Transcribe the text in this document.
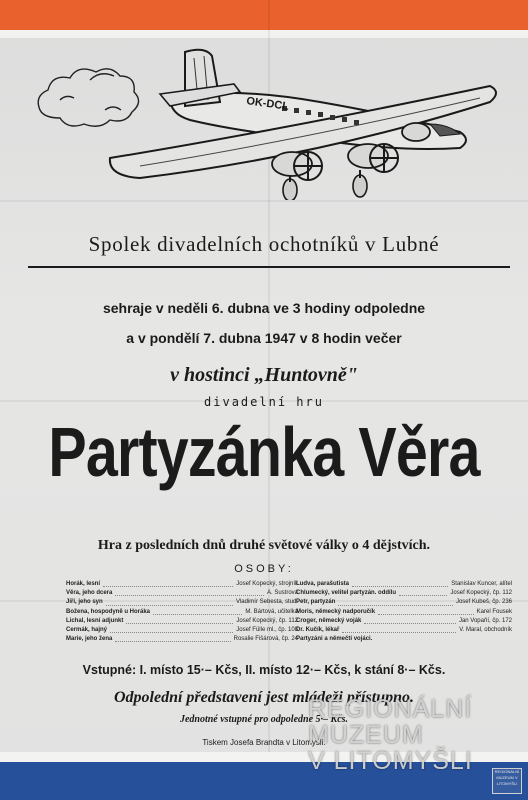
OK-DCL
Spolek divadelních ochotníků v Lubné
sehraje v neděli 6. dubna ve 3 hodiny odpoledne
a v pondělí 7. dubna 1947 v 8 hodin večer
v hostinci „Huntovně"
divadelní hru
Partyzánka Věra
Hra z posledních dnů druhé světové války o 4 dějstvích.
OSOBY:
Horák, lesní	Josef Kopecký, strojník
Věra, jeho dcera	A. Šustrová
Jiří, jeho syn	Vladimír Šebesta, stud.
Božena, hospodyně u Horáka	M. Bártová, učitelka
Lichal, lesní adjunkt	Josef Kopecký, čp. 112
Čermák, hajný	Josef Fülle ml., čp. 108
Marie, jeho žena	Rosalie Fišárová, čp. 24
Ludva, parašutista	Stanislav Kuncer, alítel
Chlumecký, velitel partyzán. oddílu	Josef Kopecký, čp. 112
Petr, partyzán	Josef Kubeš, čp. 236
Moris, německý nadporučík	Karel Fousek
Croger, německý voják	Jan Vopaňí, čp. 172
Dr. Kučík, lékař	V. Maral, obchodník
Partyzáni a němečtí vojáci.
Vstupné: I. místo 15·– Kčs, II. místo 12·– Kčs, k stání 8·– Kčs.
Odpolední představení jest mládeži přístupno.
Jednotné vstupné pro odpoledne 5·– Kčs.
Tiskem Josefa Brandta v Litomyšli.
REGIONÁLNÍ
MUZEUM
V LITOMYŠLI	REGIONÁLNÍ MUZEUM V LITOMYŠLI
